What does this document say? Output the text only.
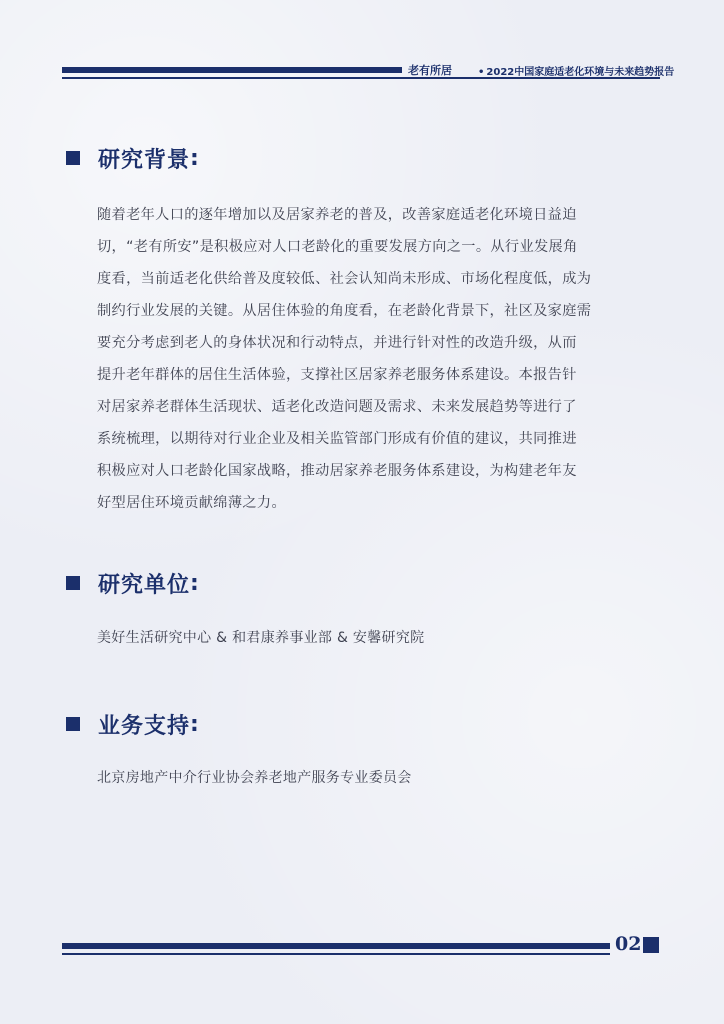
老有所居	• 2022中国家庭适老化环境与未来趋势报告
研究背景 :
随着老年人口的逐年增加以及居家养老的普及，改善家庭适老化环境日益迫
切，“老有所安”是积极应对人口老龄化的重要发展方向之一。从行业发展角
度看，当前适老化供给普及度较低、社会认知尚未形成、市场化程度低，成为
制约行业发展的关键。从居住体验的角度看，在老龄化背景下，社区及家庭需
要充分考虑到老人的身体状况和行动特点，并进行针对性的改造升级，从而
提升老年群体的居住生活体验，支撑社区居家养老服务体系建设。本报告针
对居家养老群体生活现状、适老化改造问题及需求、未来发展趋势等进行了
系统梳理，以期待对行业企业及相关监管部门形成有价值的建议，共同推进
积极应对人口老龄化国家战略，推动居家养老服务体系建设，为构建老年友
好型居住环境贡献绵薄之力。
研究单位 :
美好生活研究中心 & 和君康养事业部 & 安馨研究院
业务支持 :
北京房地产中介行业协会养老地产服务专业委员会
02
